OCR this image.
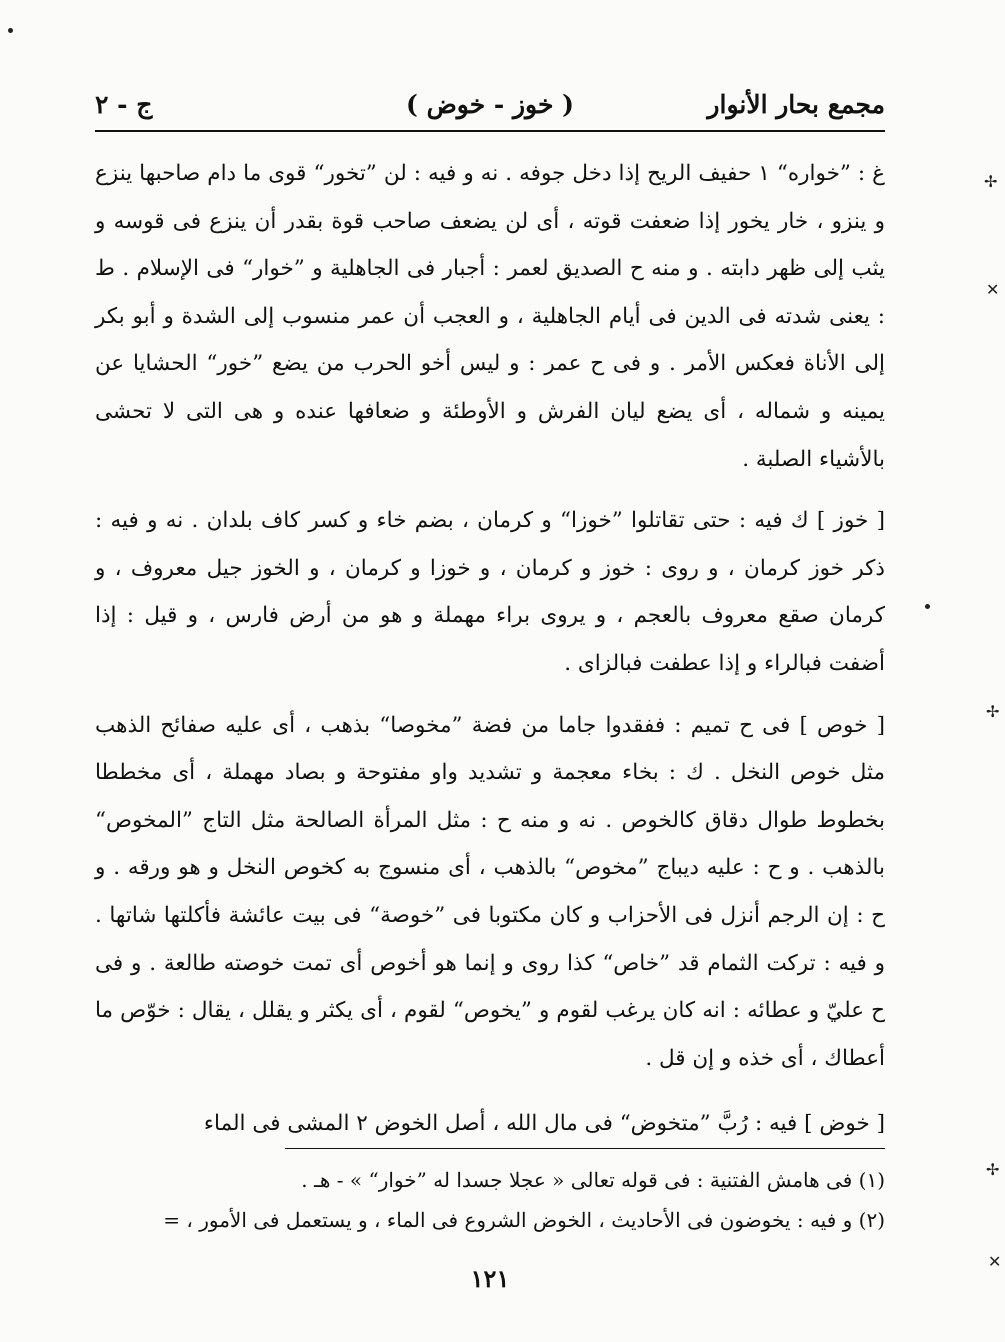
مجمع بحار الأنوار
( خوز - خوض )
ج - ٢

غ : ”خواره“ ١ حفيف الريح إذا دخل جوفه . نه و فيه : لن ”تخور“ قوى ما دام صاحبها ينزع و ينزو ، خار يخور إذا ضعفت قوته ، أى لن يضعف صاحب قوة بقدر أن ينزع فى قوسه و يثب إلى ظهر دابته . و منه ح الصديق لعمر : أجبار فى الجاهلية و ”خوار“ فى الإسلام . ط : يعنى شدته فى الدين فى أيام الجاهلية ، و العجب أن عمر منسوب إلى الشدة و أبو بكر إلى الأناة فعكس الأمر . و فى ح عمر : و ليس أخو الحرب من يضع ”خور“ الحشايا عن يمينه و شماله ، أى يضع ليان الفرش و الأوطئة و ضعافها عنده و هى التى لا تحشى بالأشياء الصلبة .

[ خوز ] ك فيه : حتى تقاتلوا ”خوزا“ و كرمان ، بضم خاء و كسر كاف بلدان . نه و فيه : ذكر خوز كرمان ، و روى : خوز و كرمان ، و خوزا و كرمان ، و الخوز جيل معروف ، و كرمان صقع معروف بالعجم ، و يروى براء مهملة و هو من أرض فارس ، و قيل : إذا أضفت فبالراء و إذا عطفت فبالزاى .

[ خوص ] فى ح تميم : ففقدوا جاما من فضة ”مخوصا“ بذهب ، أى عليه صفائح الذهب مثل خوص النخل . ك : بخاء معجمة و تشديد واو مفتوحة و بصاد مهملة ، أى مخططا بخطوط طوال دقاق كالخوص . نه و منه ح : مثل المرأة الصالحة مثل التاج ”المخوص“ بالذهب . و ح : عليه ديباج ”مخوص“ بالذهب ، أى منسوج به كخوص النخل و هو ورقه . و ح : إن الرجم أنزل فى الأحزاب و كان مكتوبا فى ”خوصة“ فى بيت عائشة فأكلتها شاتها . و فيه : تركت الثمام قد ”خاص“ كذا روى و إنما هو أخوص أى تمت خوصته طالعة . و فى ح عليّ و عطائه : انه كان يرغب لقوم و ”يخوص“ لقوم ، أى يكثر و يقلل ، يقال : خوّص ما أعطاك ، أى خذه و إن قل .

[ خوض ] فيه : رُبَّ ”متخوض“ فى مال الله ، أصل الخوض ٢ المشى فى الماء

(١) فى هامش الفتنية : فى قوله تعالى « عجلا جسدا له ”خوار“ » - هـ .

(٢) و فيه : يخوضون فى الأحاديث ، الخوض الشروع فى الماء ، و يستعمل فى الأمور ، =

١٢١
✢
✕
✢
✢
✕
